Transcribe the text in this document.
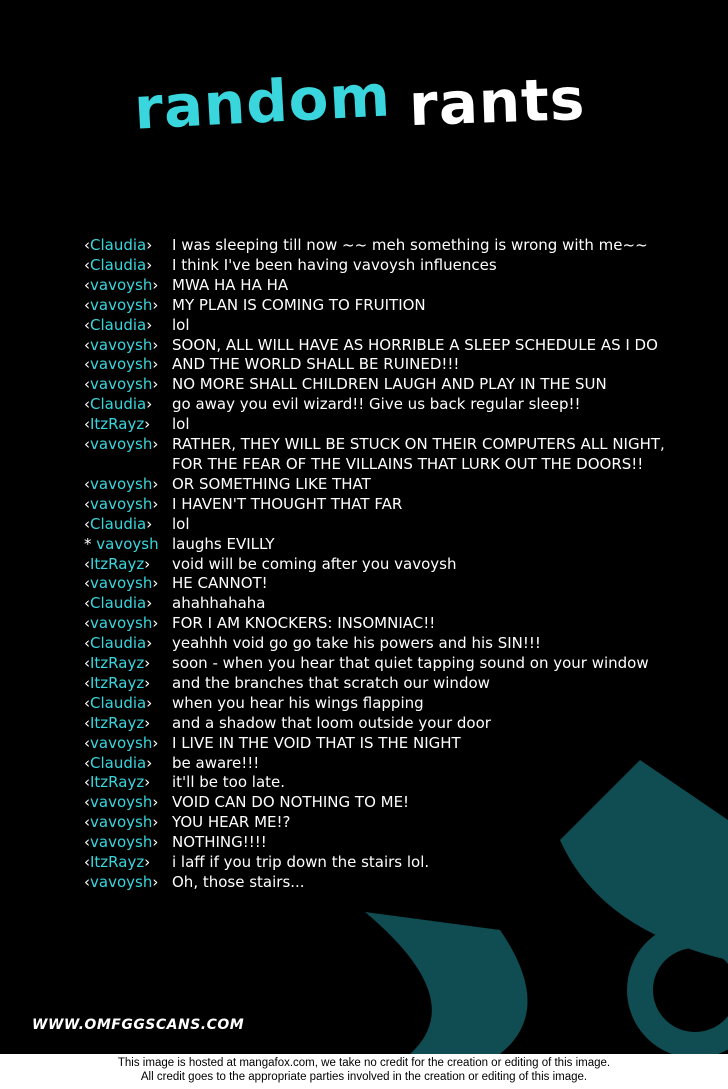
random rants
‹Claudia›	I was sleeping till now ~~ meh something is wrong with me~~
‹Claudia›	I think I've been having vavoysh influences
‹vavoysh› MWA HA HA HA
‹vavoysh› MY PLAN IS COMING TO FRUITION
‹Claudia›	lol
‹vavoysh› SOON, ALL WILL HAVE AS HORRIBLE A SLEEP SCHEDULE AS I DO
‹vavoysh› AND THE WORLD SHALL BE RUINED!!!
‹vavoysh› NO MORE SHALL CHILDREN LAUGH AND PLAY IN THE SUN
‹Claudia›	go away you evil wizard!! Give us back regular sleep!!
‹ItzRayz›	lol
‹vavoysh› RATHER, THEY WILL BE STUCK ON THEIR COMPUTERS ALL NIGHT,
FOR THE FEAR OF THE VILLAINS THAT LURK OUT THE DOORS!!
‹vavoysh› OR SOMETHING LIKE THAT
‹vavoysh› I HAVEN'T THOUGHT THAT FAR
‹Claudia›	lol
* vavoysh laughs EVILLY
‹ItzRayz›	void will be coming after you vavoysh
‹vavoysh› HE CANNOT!
‹Claudia›	ahahhahaha
‹vavoysh› FOR I AM KNOCKERS: INSOMNIAC!!
‹Claudia›	yeahhh void go go take his powers and his SIN!!!
‹ItzRayz›	soon - when you hear that quiet tapping sound on your window
‹ItzRayz›	and the branches that scratch our window
‹Claudia›	when you hear his wings flapping
‹ItzRayz›	and a shadow that loom outside your door
‹vavoysh› I LIVE IN THE VOID THAT IS THE NIGHT
‹Claudia›	be aware!!!
‹ItzRayz›	it'll be too late.
‹vavoysh› VOID CAN DO NOTHING TO ME!
‹vavoysh› YOU HEAR ME!?
‹vavoysh› NOTHING!!!!
‹ItzRayz›	i laff if you trip down the stairs lol.
‹vavoysh› Oh, those stairs...
WWW.OMFGGSCANS.COM
This image is hosted at mangafox.com, we take no credit for the creation or editing of this image.
All credit goes to the appropriate parties involved in the creation or editing of this image.
